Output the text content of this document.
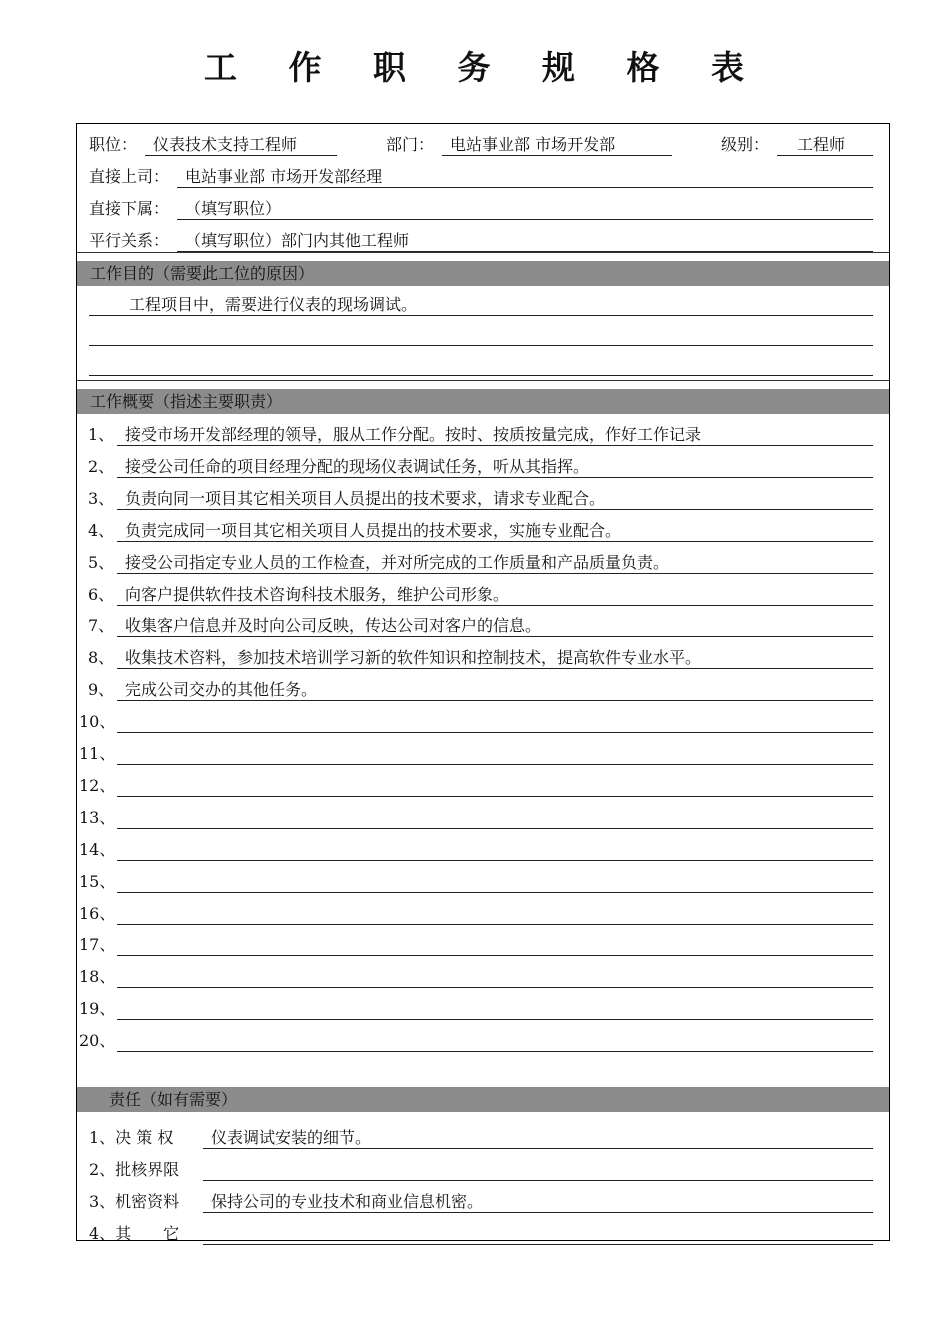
工 作 职 务 规 格 表
职位： 仪表技术支持工程师	部门： 电站事业部 市场开发部	级别：	工程师
直接上司： 电站事业部 市场开发部经理
直接下属： （填写职位）
平行关系： （填写职位）部门内其他工程师
工作目的（需要此工位的原因）
工程项目中，需要进行仪表的现场调试。
工作概要（指述主要职责）
1、 接受市场开发部经理的领导，服从工作分配。按时、按质按量完成，作好工作记录
2、 接受公司任命的项目经理分配的现场仪表调试任务，听从其指挥。
3、 负责向同一项目其它相关项目人员提出的技术要求，请求专业配合。
4、 负责完成同一项目其它相关项目人员提出的技术要求，实施专业配合。
5、 接受公司指定专业人员的工作检查，并对所完成的工作质量和产品质量负责。
6、 向客户提供软件技术咨询科技术服务，维护公司形象。
7、 收集客户信息并及时向公司反映，传达公司对客户的信息。
8、 收集技术咨料，参加技术培训学习新的软件知识和控制技术，提高软件专业水平。
9、 完成公司交办的其他任务。
10、
11、
12、
13、
14、
15、
16、
17、
18、
19、
20、
责任（如有需要）
1、决 策 权	仪表调试安装的细节。
2、批核界限
3、机密资料	保持公司的专业技术和商业信息机密。
4、其　　它
